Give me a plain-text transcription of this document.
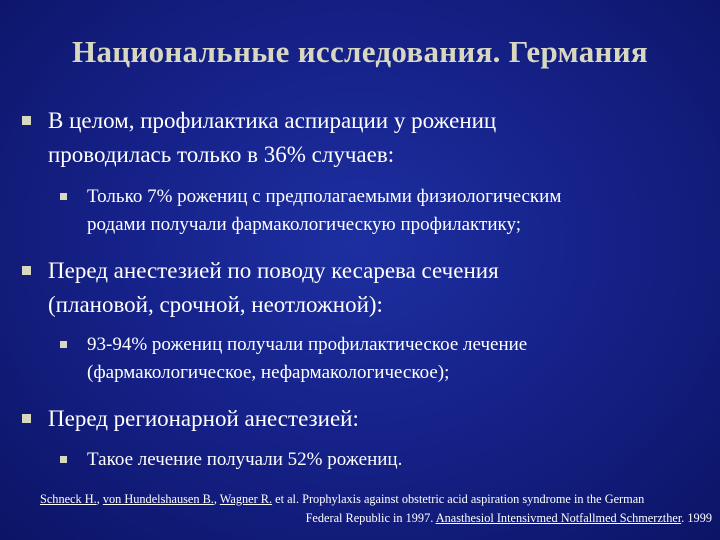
Национальные исследования. Германия
В целом, профилактика аспирации у рожениц
проводилась только в 36% случаев:
Только 7% рожениц с предполагаемыми физиологическим
родами получали фармакологическую профилактику;
Перед анестезией по поводу кесарева сечения
(плановой, срочной, неотложной):
93-94% рожениц получали профилактическое лечение
(фармакологическое, нефармакологическое);
Перед регионарной анестезией:
Такое лечение получали 52% рожениц.
Schneck H., von Hundelshausen B., Wagner R. et al. Prophylaxis against obstetric acid aspiration syndrome in the German
Federal Republic in 1997. Anasthesiol Intensivmed Notfallmed Schmerzther. 1999
